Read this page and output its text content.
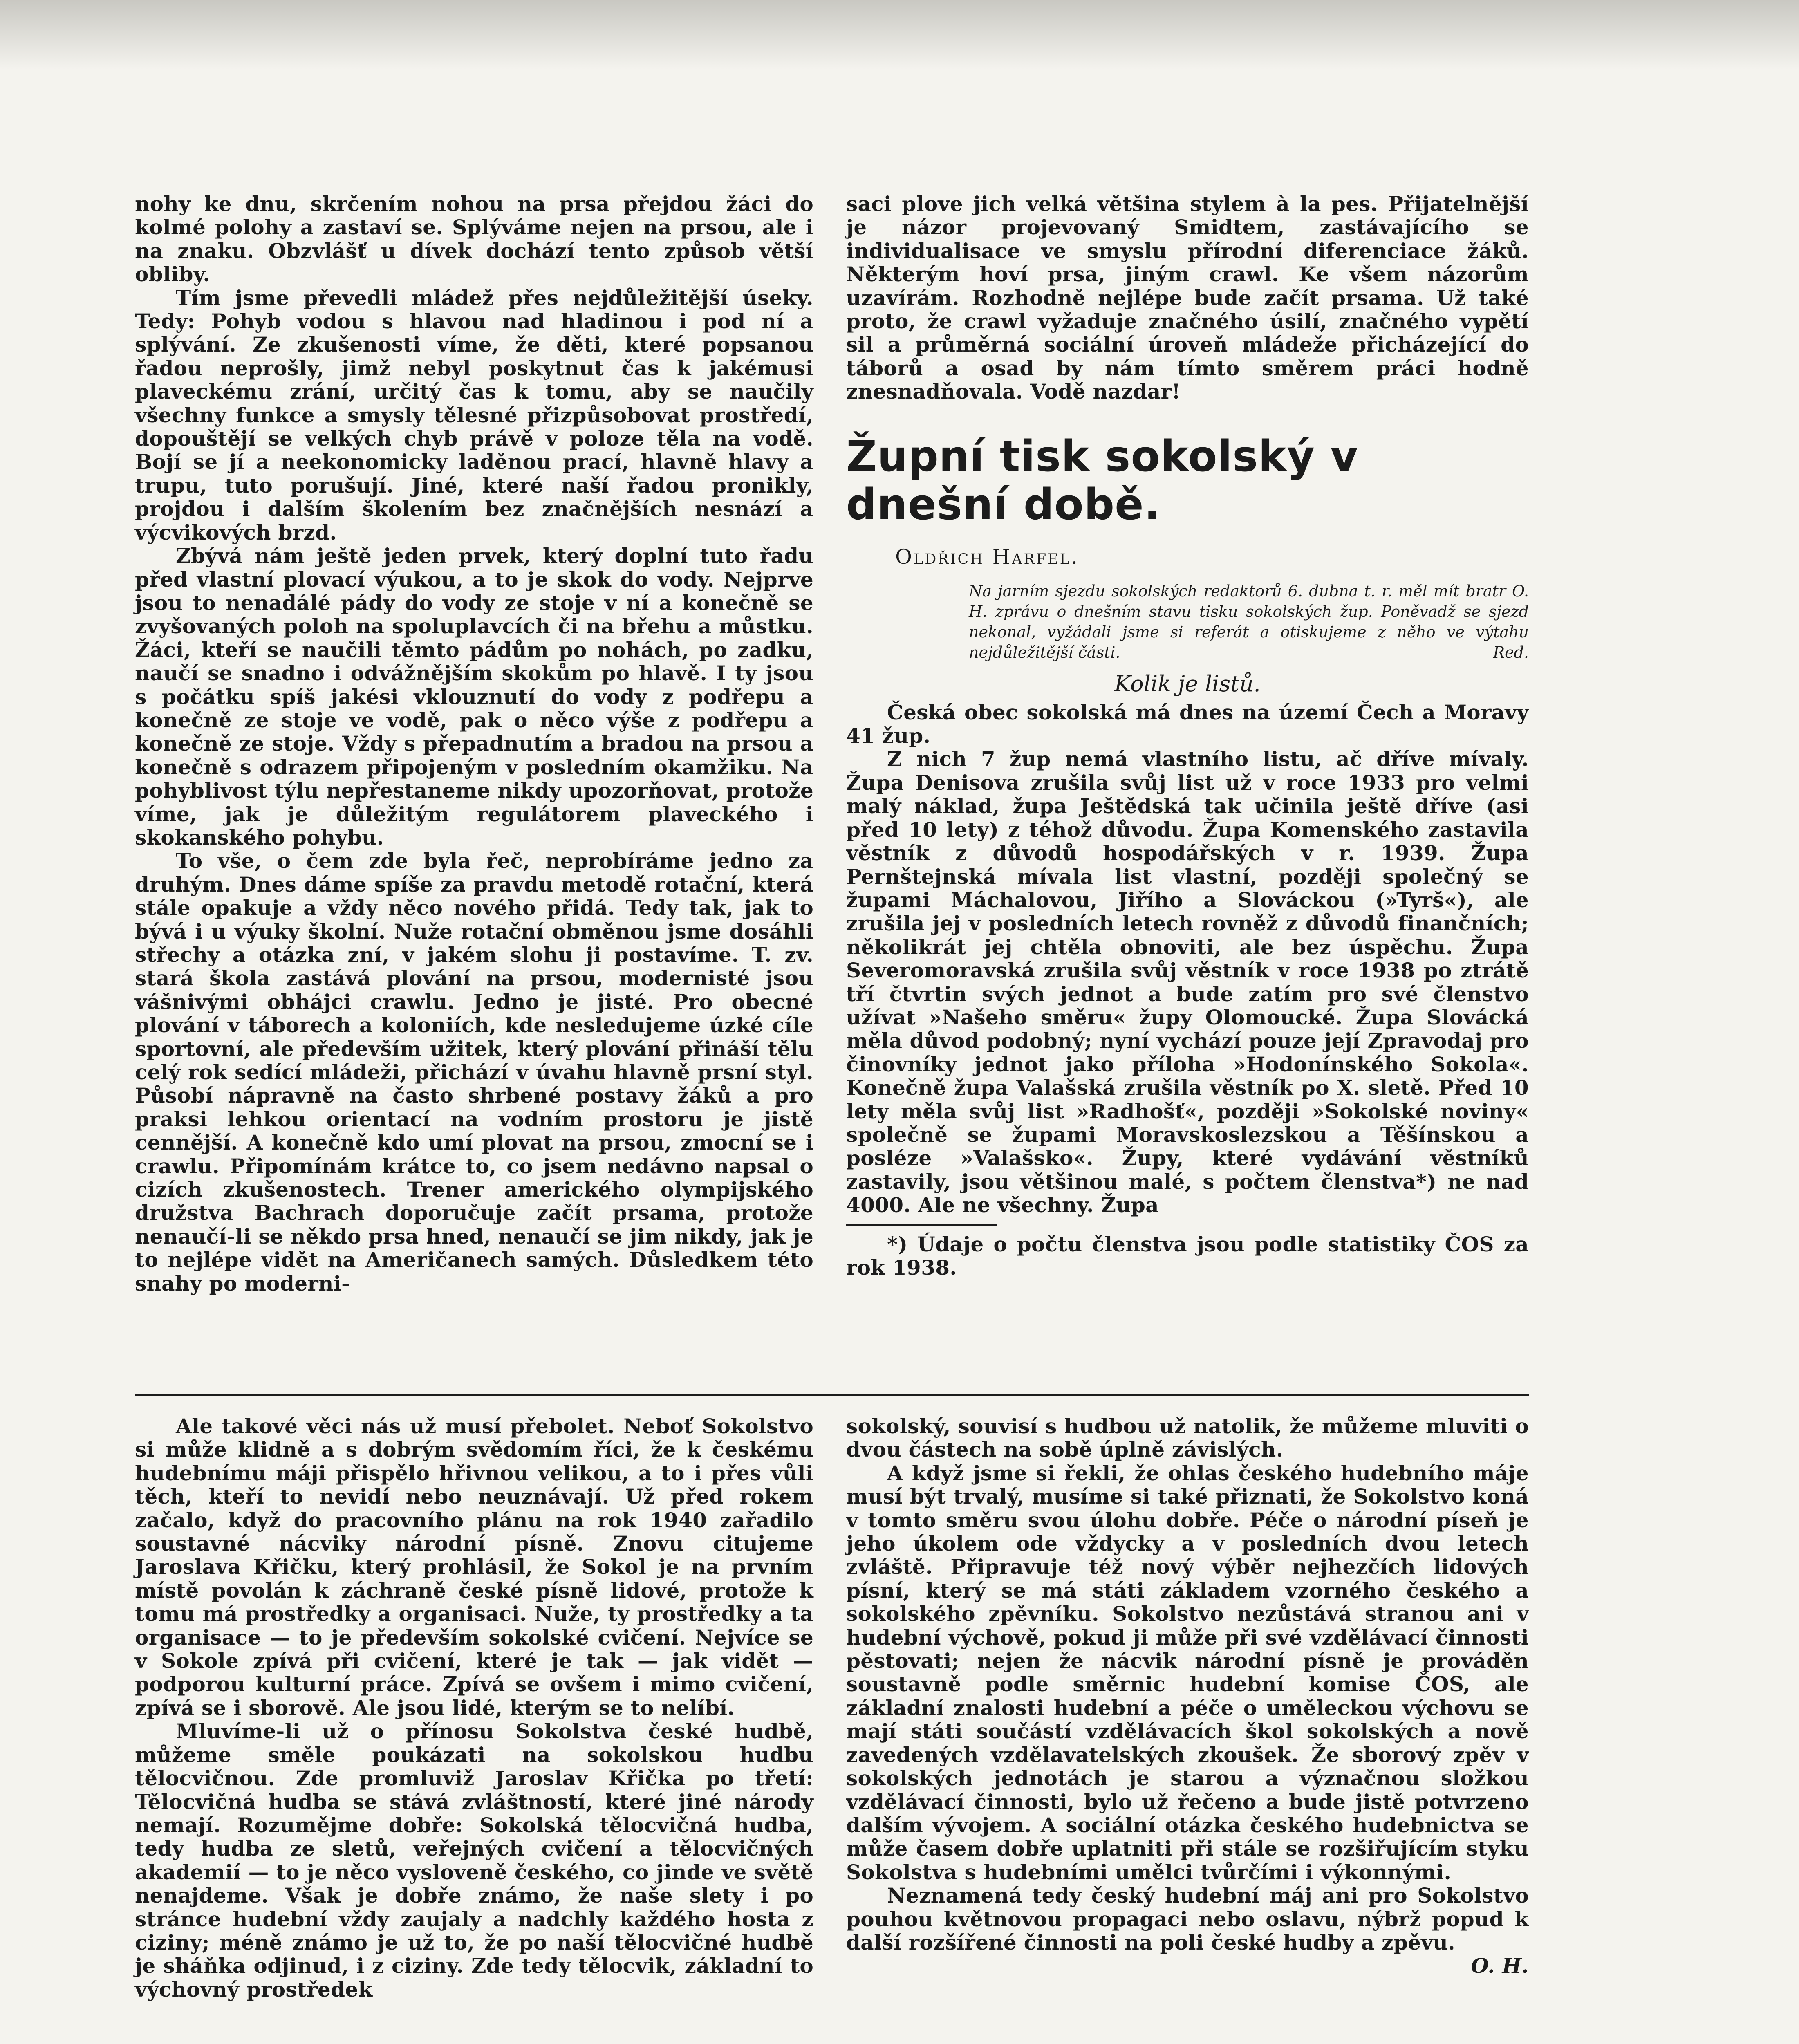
nohy ke dnu, skrčením nohou na prsa přejdou žáci do kolmé polohy a zastaví se. Splýváme nejen na prsou, ale i na znaku. Obzvlášť u dívek dochází tento způsob větší obliby.

Tím jsme převedli mládež přes nejdůležitější úseky. Tedy: Pohyb vodou s hlavou nad hladinou i pod ní a splývání. Ze zkušenosti víme, že děti, které popsanou řadou neprošly, jimž nebyl poskytnut čas k jakémusi plaveckému zrání, určitý čas k tomu, aby se naučily všechny funkce a smysly tělesné přizpůsobovat prostředí, dopouštějí se velkých chyb právě v poloze těla na vodě. Bojí se jí a neekonomicky laděnou prací, hlavně hlavy a trupu, tuto porušují. Jiné, které naší řadou pronikly, projdou i dalším školením bez značnějších nesnází a výcvikových brzd.

Zbývá nám ještě jeden prvek, který doplní tuto řadu před vlastní plovací výukou, a to je skok do vody. Nejprve jsou to nenadálé pády do vody ze stoje v ní a konečně se zvyšovaných poloh na spoluplavcích či na břehu a můstku. Žáci, kteří se naučili těmto pádům po nohách, po zadku, naučí se snadno i odvážnějším skokům po hlavě. I ty jsou s počátku spíš jakési vklouznutí do vody z podřepu a konečně ze stoje ve vodě, pak o něco výše z podřepu a konečně ze stoje. Vždy s přepadnutím a bradou na prsou a konečně s odrazem připojeným v posledním okamžiku. Na pohyblivost týlu nepřestaneme nikdy upozorňovat, protože víme, jak je důležitým regulátorem plaveckého i skokanského pohybu.

To vše, o čem zde byla řeč, neprobíráme jedno za druhým. Dnes dáme spíše za pravdu metodě rotační, která stále opakuje a vždy něco nového přidá. Tedy tak, jak to bývá i u výuky školní. Nuže rotační obměnou jsme dosáhli střechy a otázka zní, v jakém slohu ji postavíme. T. zv. stará škola zastává plování na prsou, modernisté jsou vášnivými obhájci crawlu. Jedno je jisté. Pro obecné plování v táborech a koloniích, kde nesledujeme úzké cíle sportovní, ale především užitek, který plování přináší tělu celý rok sedící mládeži, přichází v úvahu hlavně prsní styl. Působí nápravně na často shrbené postavy žáků a pro praksi lehkou orientací na vodním prostoru je jistě cennější. A konečně kdo umí plovat na prsou, zmocní se i crawlu. Připomínám krátce to, co jsem nedávno napsal o cizích zkušenostech. Trener amerického olympijského družstva Bachrach doporučuje začít prsama, protože nenaučí-li se někdo prsa hned, nenaučí se jim nikdy, jak je to nejlépe vidět na Američanech samých. Důsledkem této snahy po moderni-

saci plove jich velká většina stylem à la pes. Přijatelnější je názor projevovaný Smidtem, zastávajícího se individualisace ve smyslu přírodní diferenciace žáků. Některým hoví prsa, jiným crawl. Ke všem názorům uzavírám. Rozhodně nejlépe bude začít prsama. Už také proto, že crawl vyžaduje značného úsilí, značného vypětí sil a průměrná sociální úroveň mládeže přicházející do táborů a osad by nám tímto směrem práci hodně znesnadňovala. Vodě nazdar!

Župní tisk sokolský v dnešní době.
Oldřich Harfel.
Na jarním sjezdu sokolských redaktorů 6. dubna t. r. měl mít bratr O. H. zprávu o dnešním stavu tisku sokolských žup. Poněvadž se sjezd nekonal, vyžádali jsme si referát a otiskujeme z něho ve výtahu nejdůležitější části.	Red.
Kolik je listů.

Česká obec sokolská má dnes na území Čech a Moravy 41 žup.

Z nich 7 žup nemá vlastního listu, ač dříve mívaly. Župa Denisova zrušila svůj list už v roce 1933 pro velmi malý náklad, župa Ještědská tak učinila ještě dříve (asi před 10 lety) z téhož důvodu. Župa Komenského zastavila věstník z důvodů hospodářských v r. 1939. Župa Pernštejnská mívala list vlastní, později společný se župami Máchalovou, Jiřího a Slováckou (»Tyrš«), ale zrušila jej v posledních letech rovněž z důvodů finančních; několikrát jej chtěla obnoviti, ale bez úspěchu. Župa Severomoravská zrušila svůj věstník v roce 1938 po ztrátě tří čtvrtin svých jednot a bude zatím pro své členstvo užívat »Našeho směru« župy Olomoucké. Župa Slovácká měla důvod podobný; nyní vychází pouze její Zpravodaj pro činovníky jednot jako příloha »Hodonínského Sokola«. Konečně župa Valašská zrušila věstník po X. sletě. Před 10 lety měla svůj list »Radhošť«, později »Sokolské noviny« společně se župami Moravskoslezskou a Těšínskou a posléze »Valašsko«. Župy, které vydávání věstníků zastavily, jsou většinou malé, s počtem členstva*) ne nad 4000. Ale ne všechny. Župa

*) Údaje o počtu členstva jsou podle statistiky ČOS za rok 1938.

Ale takové věci nás už musí přebolet. Neboť Sokolstvo si může klidně a s dobrým svědomím říci, že k českému hudebnímu máji přispělo hřivnou velikou, a to i přes vůli těch, kteří to nevidí nebo neuznávají. Už před rokem začalo, když do pracovního plánu na rok 1940 zařadilo soustavné nácviky národní písně. Znovu citujeme Jaroslava Křičku, který prohlásil, že Sokol je na prvním místě povolán k záchraně české písně lidové, protože k tomu má prostředky a organisaci. Nuže, ty prostředky a ta organisace — to je především sokolské cvičení. Nejvíce se v Sokole zpívá při cvičení, které je tak — jak vidět — podporou kulturní práce. Zpívá se ovšem i mimo cvičení, zpívá se i sborově. Ale jsou lidé, kterým se to nelíbí.

Mluvíme-li už o přínosu Sokolstva české hudbě, můžeme směle poukázati na sokolskou hudbu tělocvičnou. Zde promluviž Jaroslav Křička po třetí: Tělocvičná hudba se stává zvláštností, které jiné národy nemají. Rozumějme dobře: Sokolská tělocvičná hudba, tedy hudba ze sletů, veřejných cvičení a tělocvičných akademií — to je něco vysloveně českého, co jinde ve světě nenajdeme. Však je dobře známo, že naše slety i po stránce hudební vždy zaujaly a nadchly každého hosta z ciziny; méně známo je už to, že po naší tělocvičné hudbě je sháňka odjinud, i z ciziny. Zde tedy tělocvik, základní to výchovný prostředek

sokolský, souvisí s hudbou už natolik, že můžeme mluviti o dvou částech na sobě úplně závislých.

A když jsme si řekli, že ohlas českého hudebního máje musí být trvalý, musíme si také přiznati, že Sokolstvo koná v tomto směru svou úlohu dobře. Péče o národní píseň je jeho úkolem ode vždycky a v posledních dvou letech zvláště. Připravuje též nový výběr nejhezčích lidových písní, který se má státi základem vzorného českého a sokolského zpěvníku. Sokolstvo nezůstává stranou ani v hudební výchově, pokud ji může při své vzdělávací činnosti pěstovati; nejen že nácvik národní písně je prováděn soustavně podle směrnic hudební komise ČOS, ale základní znalosti hudební a péče o uměleckou výchovu se mají státi součástí vzdělávacích škol sokolských a nově zavedených vzdělavatelských zkoušek. Že sborový zpěv v sokolských jednotách je starou a význačnou složkou vzdělávací činnosti, bylo už řečeno a bude jistě potvrzeno dalším vývojem. A sociální otázka českého hudebnictva se může časem dobře uplatniti při stále se rozšiřujícím styku Sokolstva s hudebními umělci tvůrčími i výkonnými.

Neznamená tedy český hudební máj ani pro Sokolstvo pouhou květnovou propagaci nebo oslavu, nýbrž popud k další rozšířené činnosti na poli české hudby a zpěvu.
O. H.
